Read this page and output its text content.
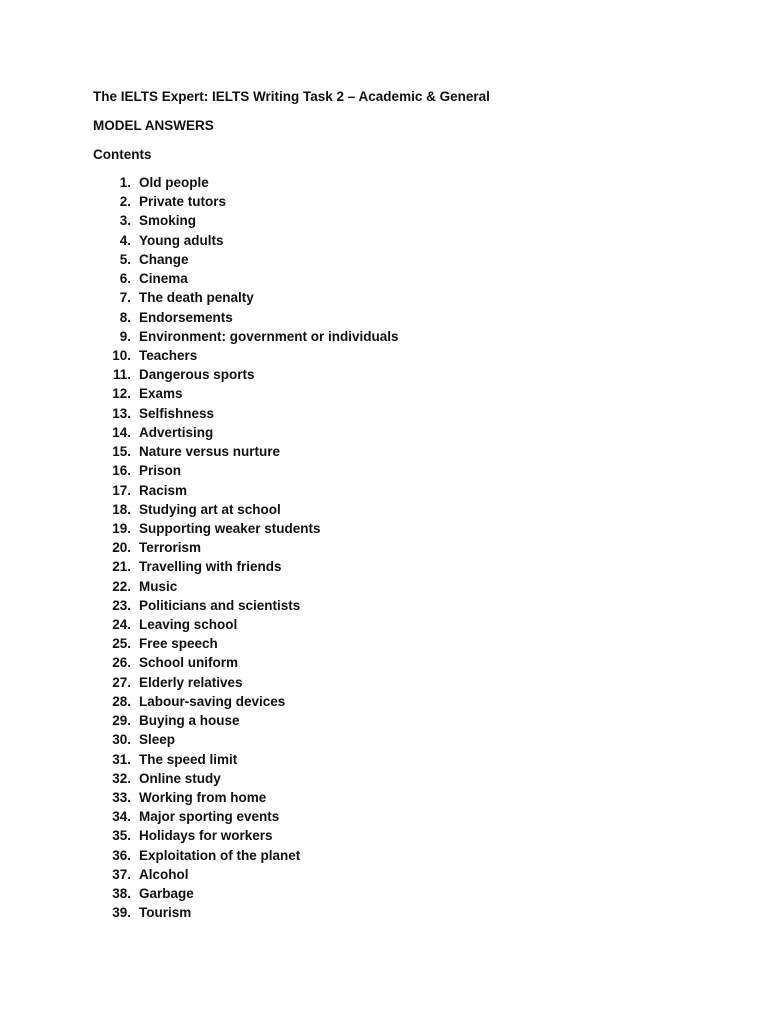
The IELTS Expert: IELTS Writing Task 2 – Academic & General
MODEL ANSWERS
Contents
1. Old people
2. Private tutors
3. Smoking
4. Young adults
5. Change
6. Cinema
7. The death penalty
8. Endorsements
9. Environment: government or individuals
10. Teachers
11. Dangerous sports
12. Exams
13. Selfishness
14. Advertising
15. Nature versus nurture
16. Prison
17. Racism
18. Studying art at school
19. Supporting weaker students
20. Terrorism
21. Travelling with friends
22. Music
23. Politicians and scientists
24. Leaving school
25. Free speech
26. School uniform
27. Elderly relatives
28. Labour-saving devices
29. Buying a house
30. Sleep
31. The speed limit
32. Online study
33. Working from home
34. Major sporting events
35. Holidays for workers
36. Exploitation of the planet
37. Alcohol
38. Garbage
39. Tourism
